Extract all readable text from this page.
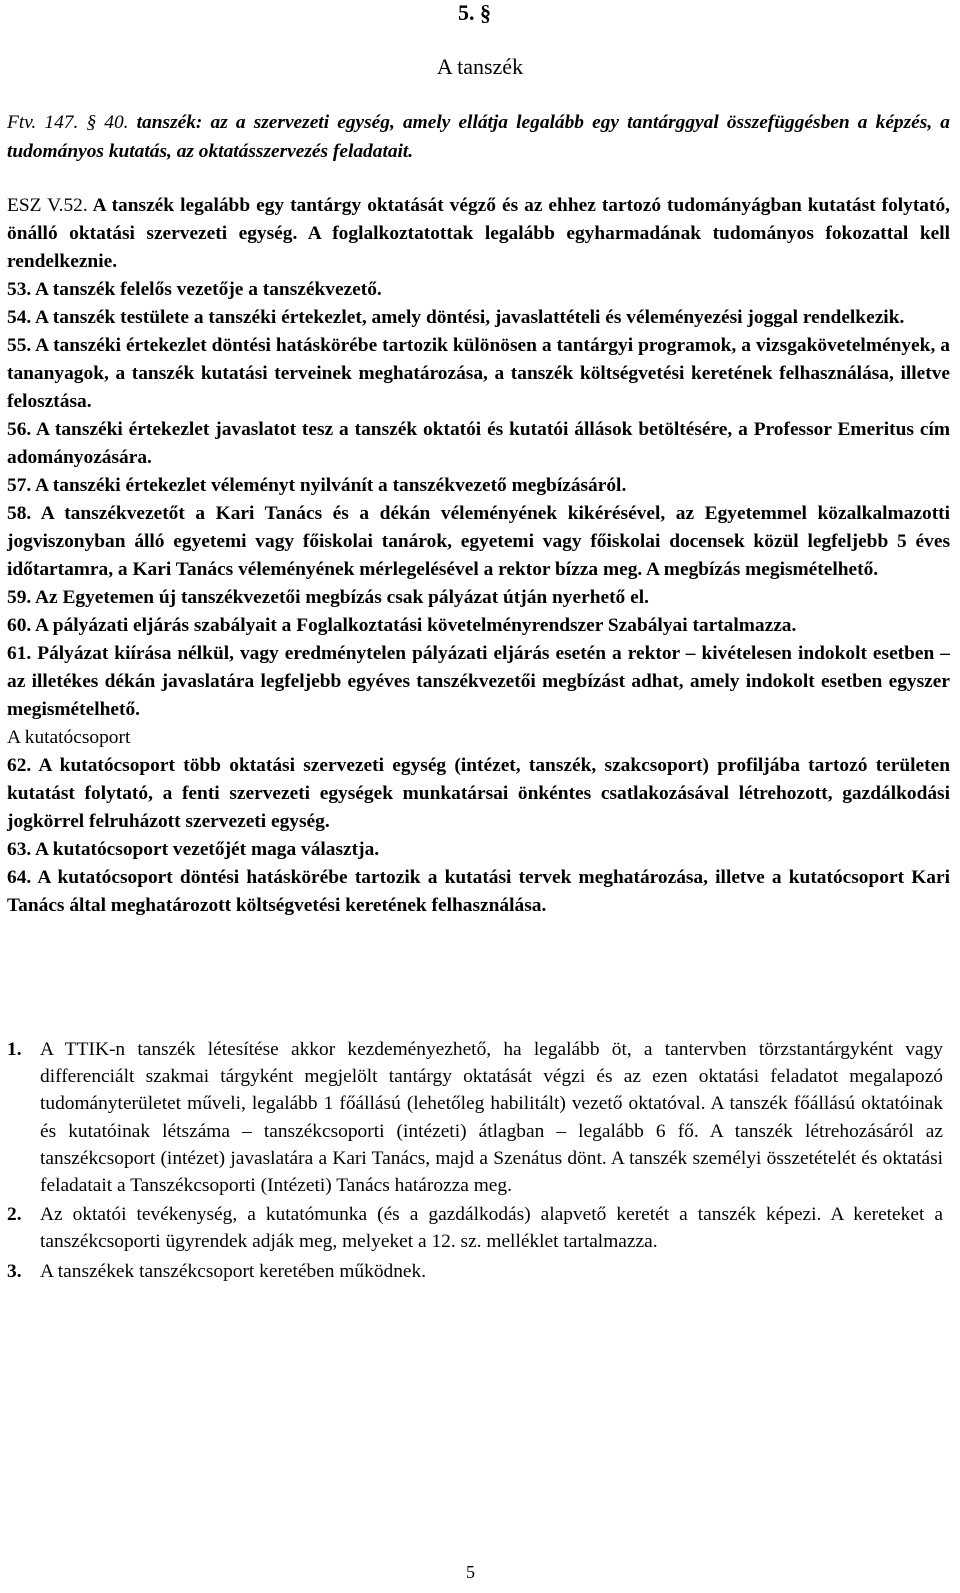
5. §
A tanszék
Ftv. 147. § 40. tanszék: az a szervezeti egység, amely ellátja legalább egy tantárggyal összefüggésben a képzés, a tudományos kutatás, az oktatásszervezés feladatait.

ESZ V.52. A tanszék legalább egy tantárgy oktatását végző és az ehhez tartozó tudományágban kutatást folytató, önálló oktatási szervezeti egység. A foglalkoztatottak legalább egyharmadának tudományos fokozattal kell rendelkeznie.

53. A tanszék felelős vezetője a tanszékvezető.

54. A tanszék testülete a tanszéki értekezlet, amely döntési, javaslattételi és véleményezési joggal rendelkezik.

55. A tanszéki értekezlet döntési hatáskörébe tartozik különösen a tantárgyi programok, a vizsgakövetelmények, a tananyagok, a tanszék kutatási terveinek meghatározása, a tanszék költségvetési keretének felhasználása, illetve felosztása.

56. A tanszéki értekezlet javaslatot tesz a tanszék oktatói és kutatói állások betöltésére, a Professor Emeritus cím adományozására.

57. A tanszéki értekezlet véleményt nyilvánít a tanszékvezető megbízásáról.

58. A tanszékvezetőt a Kari Tanács és a dékán véleményének kikérésével, az Egyetemmel közalkalmazotti jogviszonyban álló egyetemi vagy főiskolai tanárok, egyetemi vagy főiskolai docensek közül legfeljebb 5 éves időtartamra, a Kari Tanács véleményének mérlegelésével a rektor bízza meg. A megbízás megismételhető.

59. Az Egyetemen új tanszékvezetői megbízás csak pályázat útján nyerhető el.

60. A pályázati eljárás szabályait a Foglalkoztatási követelményrendszer Szabályai tartalmazza.

61. Pályázat kiírása nélkül, vagy eredménytelen pályázati eljárás esetén a rektor – kivételesen indokolt esetben – az illetékes dékán javaslatára legfeljebb egyéves tanszékvezetői megbízást adhat, amely indokolt esetben egyszer megismételhető.

A kutatócsoport

62. A kutatócsoport több oktatási szervezeti egység (intézet, tanszék, szakcsoport) profiljába tartozó területen kutatást folytató, a fenti szervezeti egységek munkatársai önkéntes csatlakozásával létrehozott, gazdálkodási jogkörrel felruházott szervezeti egység.

63. A kutatócsoport vezetőjét maga választja.

64. A kutatócsoport döntési hatáskörébe tartozik a kutatási tervek meghatározása, illetve a kutatócsoport Kari Tanács által meghatározott költségvetési keretének felhasználása.

1. A TTIK-n tanszék létesítése akkor kezdeményezhető, ha legalább öt, a tantervben törzstantárgyként vagy differenciált szakmai tárgyként megjelölt tantárgy oktatását végzi és az ezen oktatási feladatot megalapozó tudományterületet műveli, legalább 1 főállású (lehetőleg habilitált) vezető oktatóval. A tanszék főállású oktatóinak és kutatóinak létszáma – tanszékcsoporti (intézeti) átlagban – legalább 6 fő. A tanszék létrehozásáról az tanszékcsoport (intézet) javaslatára a Kari Tanács, majd a Szenátus dönt. A tanszék személyi összetételét és oktatási feladatait a Tanszékcsoporti (Intézeti) Tanács határozza meg.
2. Az oktatói tevékenység, a kutatómunka (és a gazdálkodás) alapvető keretét a tanszék képezi. A kereteket a tanszékcsoporti ügyrendek adják meg, melyeket a 12. sz. melléklet tartalmazza.
3. A tanszékek tanszékcsoport keretében működnek.
5
